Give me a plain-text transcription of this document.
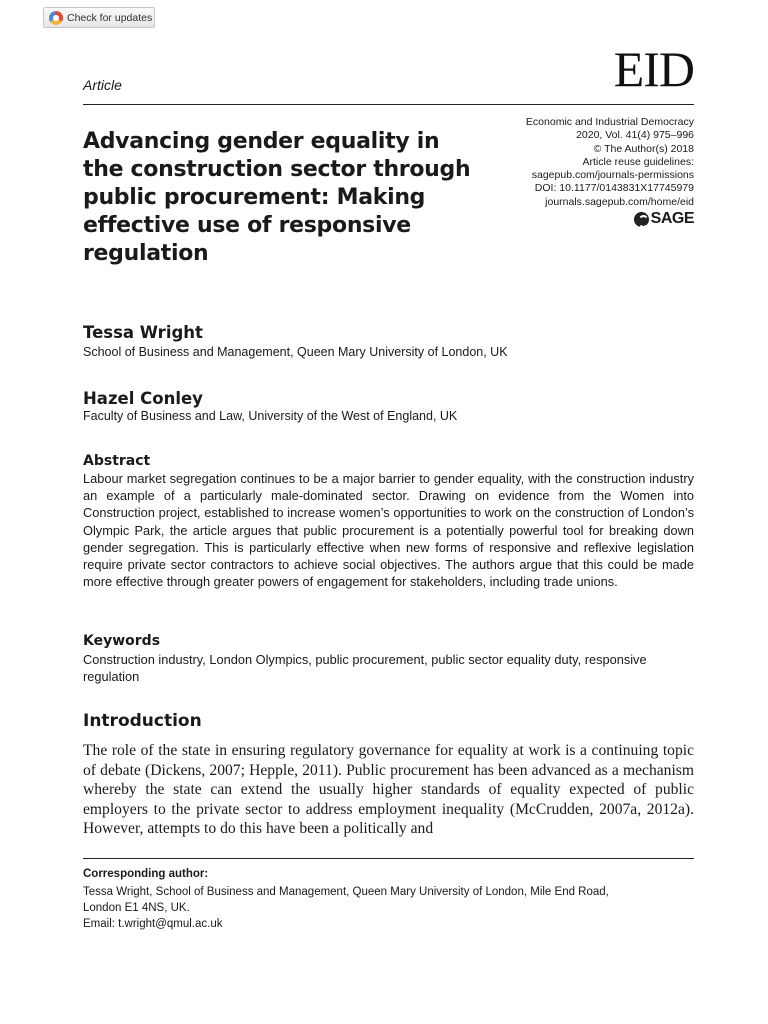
Check for updates
Article	EID
Economic and Industrial Democracy
2020, Vol. 41(4) 975–996
© The Author(s) 2018
Article reuse guidelines:
sagepub.com/journals-permissions
DOI: 10.1177/0143831X17745979
journals.sagepub.com/home/eid
SAGE
Advancing gender equality in the construction sector through public procurement: Making effective use of responsive regulation
Tessa Wright
School of Business and Management, Queen Mary University of London, UK
Hazel Conley
Faculty of Business and Law, University of the West of England, UK
Abstract

Labour market segregation continues to be a major barrier to gender equality, with the construction industry an example of a particularly male-dominated sector. Drawing on evidence from the Women into Construction project, established to increase women’s opportunities to work on the construction of London’s Olympic Park, the article argues that public procurement is a potentially powerful tool for breaking down gender segregation. This is particularly effective when new forms of responsive and reflexive legislation require private sector contractors to achieve social objectives. The authors argue that this could be made more effective through greater powers of engagement for stakeholders, including trade unions.

Keywords

Construction industry, London Olympics, public procurement, public sector equality duty, responsive regulation

Introduction

The role of the state in ensuring regulatory governance for equality at work is a continuing topic of debate (Dickens, 2007; Hepple, 2011). Public procurement has been advanced as a mechanism whereby the state can extend the usually higher standards of equality expected of public employers to the private sector to address employment inequality (McCrudden, 2007a, 2012a). However, attempts to do this have been a politically and

Corresponding author:
Tessa Wright, School of Business and Management, Queen Mary University of London, Mile End Road,
London E1 4NS, UK.
Email: t.wright@qmul.ac.uk
